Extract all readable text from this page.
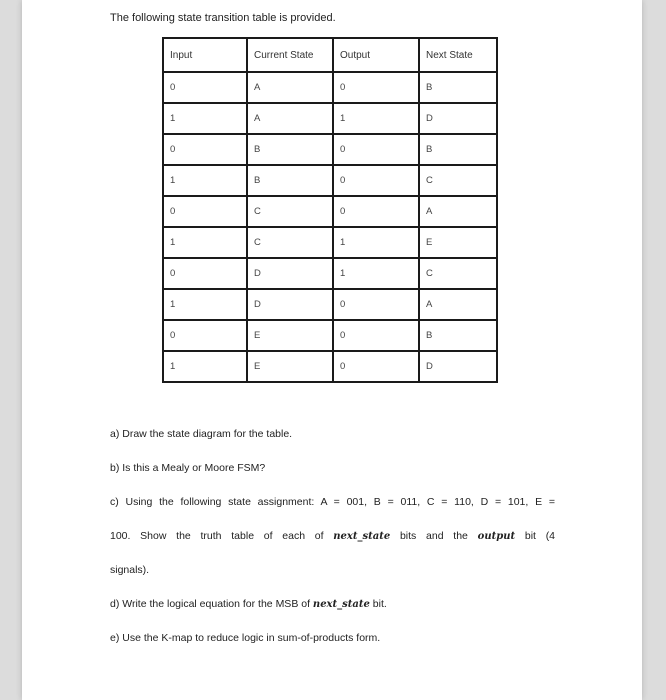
The following state transition table is provided.
Input	Current State	Output	Next State
0	A	0	B
1	A	1	D
0	B	0	B
1	B	0	C
0	C	0	A
1	C	1	E
0	D	1	C
1	D	0	A
0	E	0	B
1	E	0	D
a) Draw the state diagram for the table.
b) Is this a Mealy or Moore FSM?
c) Using the following state assignment: A = 001, B = 011, C = 110, D = 101, E =
100. Show the truth table of each of next_state bits and the output bit (4
signals).
d) Write the logical equation for the MSB of next_state bit.
e) Use the K-map to reduce logic in sum-of-products form.
